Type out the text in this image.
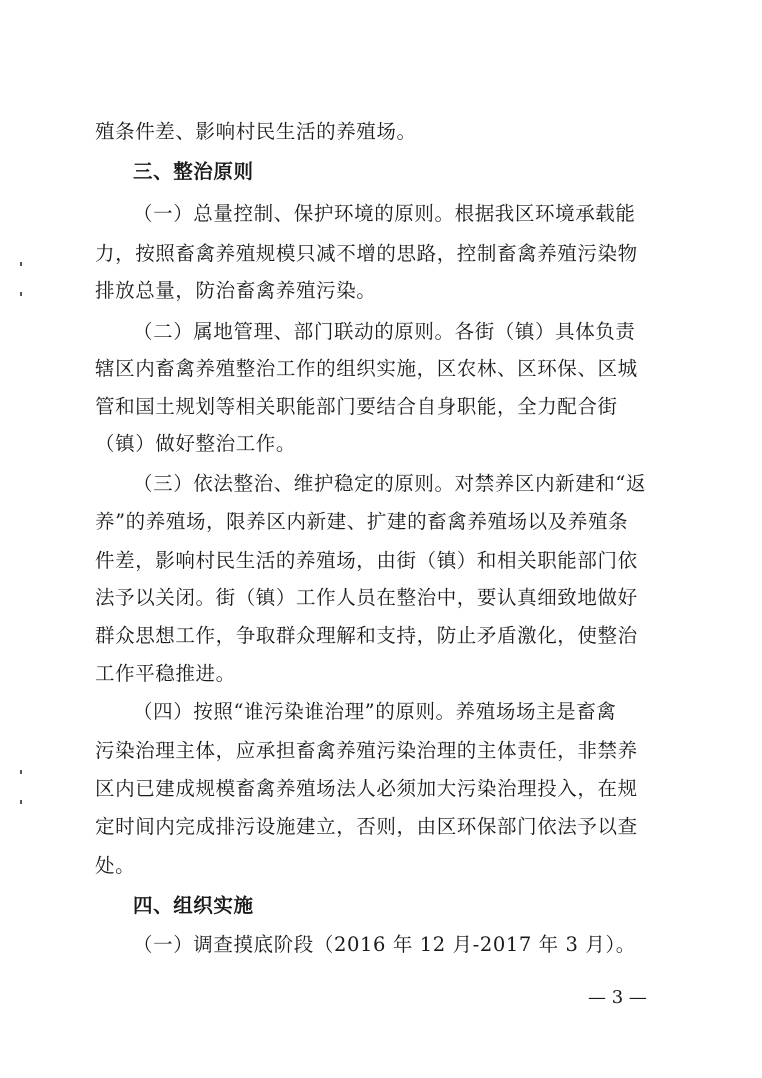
殖条件差、影响村民生活的养殖场。
三、整治原则
（一）总量控制、保护环境的原则。根据我区环境承载能
力，按照畜禽养殖规模只减不增的思路，控制畜禽养殖污染物
排放总量，防治畜禽养殖污染。
（二）属地管理、部门联动的原则。各街（镇）具体负责
辖区内畜禽养殖整治工作的组织实施，区农林、区环保、区城
管和国土规划等相关职能部门要结合自身职能，全力配合街
（镇）做好整治工作。
（三）依法整治、维护稳定的原则。对禁养区内新建和“返
养”的养殖场，限养区内新建、扩建的畜禽养殖场以及养殖条
件差，影响村民生活的养殖场，由街（镇）和相关职能部门依
法予以关闭。街（镇）工作人员在整治中，要认真细致地做好
群众思想工作，争取群众理解和支持，防止矛盾激化，使整治
工作平稳推进。
（四）按照“谁污染谁治理”的原则。养殖场场主是畜禽
污染治理主体，应承担畜禽养殖污染治理的主体责任，非禁养
区内已建成规模畜禽养殖场法人必须加大污染治理投入，在规
定时间内完成排污设施建立，否则，由区环保部门依法予以查
处。
四、组织实施
（一）调查摸底阶段（2016 年 12 月-2017 年 3 月）。
— 3 —
